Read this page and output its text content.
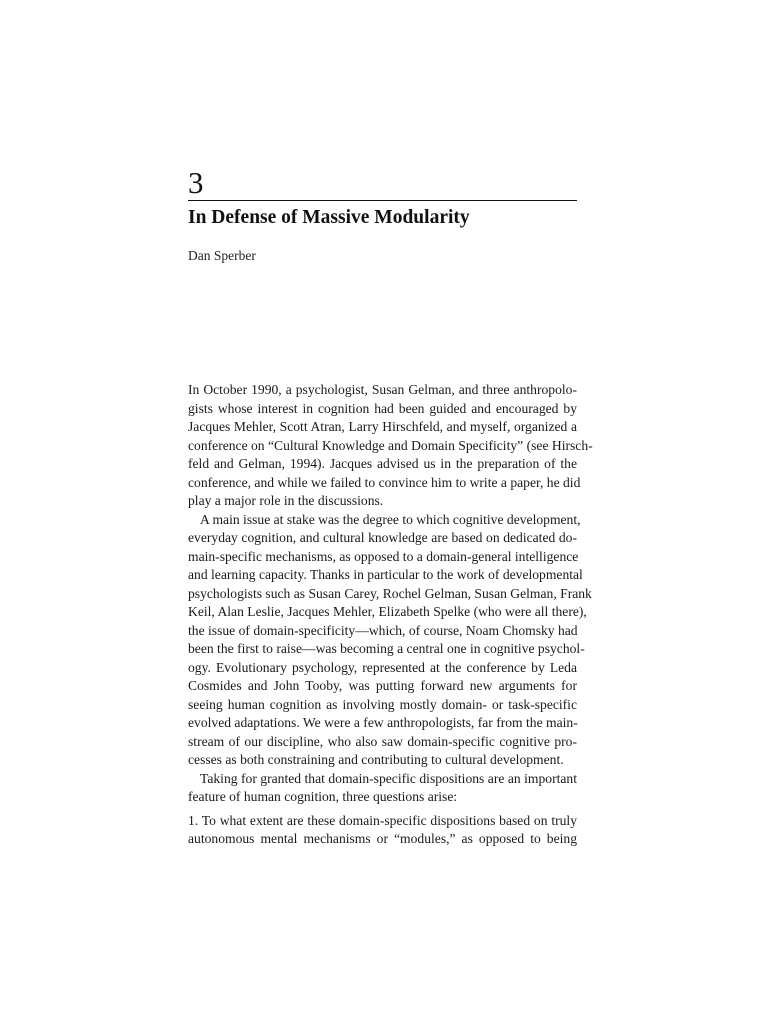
3
In Defense of Massive Modularity
Dan Sperber
In October 1990, a psychologist, Susan Gelman, and three anthropolo-
gists whose interest in cognition had been guided and encouraged by
Jacques Mehler, Scott Atran, Larry Hirschfeld, and myself, organized a
conference on “Cultural Knowledge and Domain Specificity” (see Hirsch-
feld and Gelman, 1994). Jacques advised us in the preparation of the
conference, and while we failed to convince him to write a paper, he did
play a major role in the discussions.
A main issue at stake was the degree to which cognitive development,
everyday cognition, and cultural knowledge are based on dedicated do-
main-specific mechanisms, as opposed to a domain-general intelligence
and learning capacity. Thanks in particular to the work of developmental
psychologists such as Susan Carey, Rochel Gelman, Susan Gelman, Frank
Keil, Alan Leslie, Jacques Mehler, Elizabeth Spelke (who were all there),
the issue of domain-specificity—which, of course, Noam Chomsky had
been the first to raise—was becoming a central one in cognitive psychol-
ogy. Evolutionary psychology, represented at the conference by Leda
Cosmides and John Tooby, was putting forward new arguments for
seeing human cognition as involving mostly domain- or task-specific
evolved adaptations. We were a few anthropologists, far from the main-
stream of our discipline, who also saw domain-specific cognitive pro-
cesses as both constraining and contributing to cultural development.
Taking for granted that domain-specific dispositions are an important
feature of human cognition, three questions arise:
1. To what extent are these domain-specific dispositions based on truly
autonomous mental mechanisms or “modules,” as opposed to being
